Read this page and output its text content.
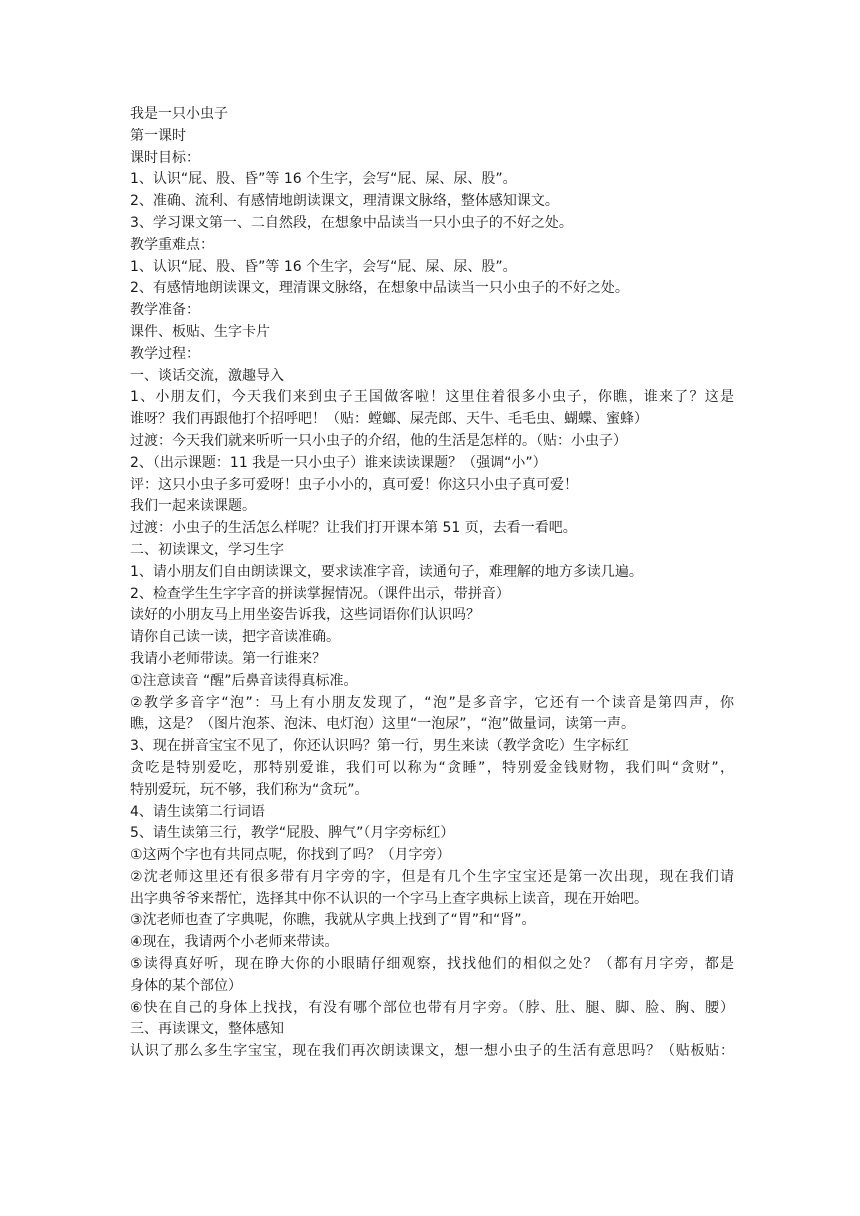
我是一只小虫子
第一课时
课时目标：
1、认识“屁、股、昏”等 16 个生字，会写“屁、屎、尿、股”。
2、准确、流利、有感情地朗读课文，理清课文脉络，整体感知课文。
3、学习课文第一、二自然段，在想象中品读当一只小虫子的不好之处。
教学重难点：
1、认识“屁、股、昏”等 16 个生字，会写“屁、屎、尿、股”。
2、有感情地朗读课文，理清课文脉络，在想象中品读当一只小虫子的不好之处。
教学准备：
课件、板贴、生字卡片
教学过程：
一、谈话交流，激趣导入
1、小朋友们，今天我们来到虫子王国做客啦！这里住着很多小虫子，你瞧，谁来了？这是
谁呀？我们再跟他打个招呼吧！（贴：螳螂、屎壳郎、天牛、毛毛虫、蝴蝶、蜜蜂）
过渡：今天我们就来听听一只小虫子的介绍，他的生活是怎样的。（贴：小虫子）
2、（出示课题：11 我是一只小虫子）谁来读读课题？（强调“小”）
评：这只小虫子多可爱呀！虫子小小的，真可爱！你这只小虫子真可爱！
我们一起来读课题。
过渡：小虫子的生活怎么样呢？让我们打开课本第 51 页，去看一看吧。
二、初读课文，学习生字
1、请小朋友们自由朗读课文，要求读准字音，读通句子，难理解的地方多读几遍。
2、检查学生生字字音的拼读掌握情况。（课件出示，带拼音）
读好的小朋友马上用坐姿告诉我，这些词语你们认识吗？
请你自己读一读，把字音读准确。
我请小老师带读。第一行谁来？
①注意读音 “醒”后鼻音读得真标准。
②教学多音字“泡”：马上有小朋友发现了，“泡”是多音字，它还有一个读音是第四声，你
瞧，这是？（图片泡茶、泡沫、电灯泡）这里“一泡尿”，“泡”做量词，读第一声。
3、现在拼音宝宝不见了，你还认识吗？第一行，男生来读（教学贪吃）生字标红
贪吃是特别爱吃，那特别爱谁，我们可以称为“贪睡”，特别爱金钱财物，我们叫“贪财”，
特别爱玩，玩不够，我们称为“贪玩”。
4、请生读第二行词语
5、请生读第三行，教学“屁股、脾气”（月字旁标红）
①这两个字也有共同点呢，你找到了吗？（月字旁）
②沈老师这里还有很多带有月字旁的字，但是有几个生字宝宝还是第一次出现，现在我们请
出字典爷爷来帮忙，选择其中你不认识的一个字马上查字典标上读音，现在开始吧。
③沈老师也查了字典呢，你瞧，我就从字典上找到了“胃”和“肾”。
④现在，我请两个小老师来带读。
⑤读得真好听，现在睁大你的小眼睛仔细观察，找找他们的相似之处？（都有月字旁，都是
身体的某个部位）
⑥快在自己的身体上找找，有没有哪个部位也带有月字旁。（脖、肚、腿、脚、脸、胸、腰）
三、再读课文，整体感知
认识了那么多生字宝宝，现在我们再次朗读课文，想一想小虫子的生活有意思吗？（贴板贴：
